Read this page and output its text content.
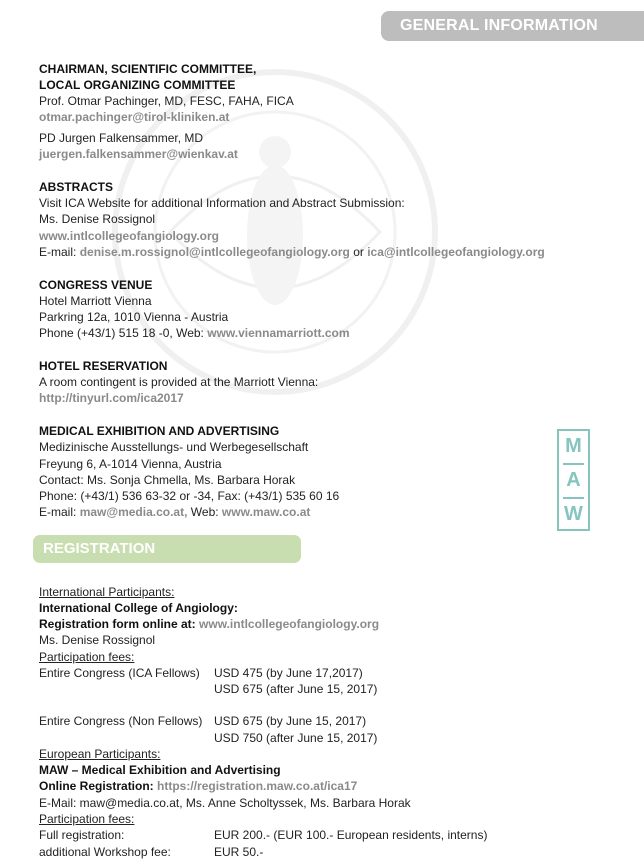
GENERAL INFORMATION
CHAIRMAN, SCIENTIFIC COMMITTEE,
LOCAL ORGANIZING COMMITTEE
Prof. Otmar Pachinger, MD, FESC, FAHA, FICA
otmar.pachinger@tirol-kliniken.at
PD Jurgen Falkensammer, MD
juergen.falkensammer@wienkav.at
ABSTRACTS
Visit ICA Website for additional Information and Abstract Submission:
Ms. Denise Rossignol
www.intlcollegeofangiology.org
E-mail: denise.m.rossignol@intlcollegeofangiology.org or ica@intlcollegeofangiology.org
CONGRESS VENUE
Hotel Marriott Vienna
Parkring 12a, 1010 Vienna - Austria
Phone (+43/1) 515 18 -0, Web: www.viennamarriott.com
HOTEL RESERVATION
A room contingent is provided at the Marriott Vienna:
http://tinyurl.com/ica2017
MEDICAL EXHIBITION AND ADVERTISING
Medizinische Ausstellungs- und Werbegesellschaft
Freyung 6, A-1014 Vienna, Austria
Contact: Ms. Sonja Chmella, Ms. Barbara Horak
Phone: (+43/1) 536 63-32 or -34, Fax: (+43/1) 535 60 16
E-mail: maw@media.co.at, Web: www.maw.co.at
M
A
W
REGISTRATION
International Participants:
International College of Angiology:
Registration form online at: www.intlcollegeofangiology.org
Ms. Denise Rossignol
Participation fees:
Entire Congress (ICA Fellows) USD 475 (by June 17,2017)
USD 675 (after June 15, 2017)
Entire Congress (Non Fellows) USD 675 (by June 15, 2017)
USD 750 (after June 15, 2017)
European Participants:
MAW – Medical Exhibition and Advertising
Online Registration: https://registration.maw.co.at/ica17
E-Mail: maw@media.co.at, Ms. Anne Scholtyssek, Ms. Barbara Horak
Participation fees:
Full registration:	EUR 200.- (EUR 100.- European residents, interns)
additional Workshop fee:	EUR 50.-
